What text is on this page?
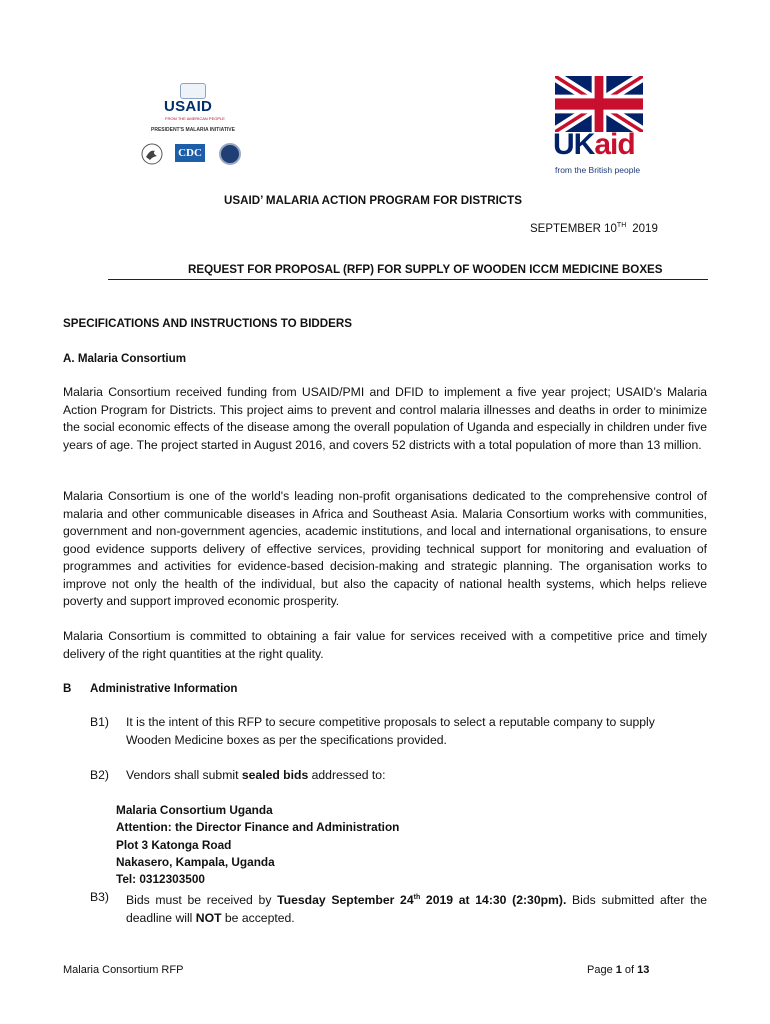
USAID
FROM THE AMERICAN PEOPLE
PRESIDENT'S MALARIA INITIATIVE
CDC	UKaid
from the British people
USAID’ MALARIA ACTION PROGRAM FOR DISTRICTS
SEPTEMBER 10TH 2019
REQUEST FOR PROPOSAL (RFP) FOR SUPPLY OF WOODEN ICCM MEDICINE BOXES
SPECIFICATIONS AND INSTRUCTIONS TO BIDDERS
A. Malaria Consortium
Malaria Consortium received funding from USAID/PMI and DFID to implement a five year project; USAID’s Malaria Action Program for Districts. This project aims to prevent and control malaria illnesses and deaths in order to minimize the social economic effects of the disease among the overall population of Uganda and especially in children under five years of age. The project started in August 2016, and covers 52 districts with a total population of more than 13 million.
Malaria Consortium is one of the world's leading non-profit organisations dedicated to the comprehensive control of malaria and other communicable diseases in Africa and Southeast Asia. Malaria Consortium works with communities, government and non-government agencies, academic institutions, and local and international organisations, to ensure good evidence supports delivery of effective services, providing technical support for monitoring and evaluation of programmes and activities for evidence-based decision-making and strategic planning. The organisation works to improve not only the health of the individual, but also the capacity of national health systems, which helps relieve poverty and support improved economic prosperity.
Malaria Consortium is committed to obtaining a fair value for services received with a competitive price and timely delivery of the right quantities at the right quality.
B Administrative Information
B1) It is the intent of this RFP to secure competitive proposals to select a reputable company to supply Wooden Medicine boxes as per the specifications provided.
B2) Vendors shall submit sealed bids addressed to:
Malaria Consortium Uganda
Attention: the Director Finance and Administration
Plot 3 Katonga Road
Nakasero, Kampala, Uganda
Tel: 0312303500
B3) Bids must be received by Tuesday September 24th 2019 at 14:30 (2:30pm). Bids submitted after the deadline will NOT be accepted.
Malaria Consortium RFP	Page 1 of 13
